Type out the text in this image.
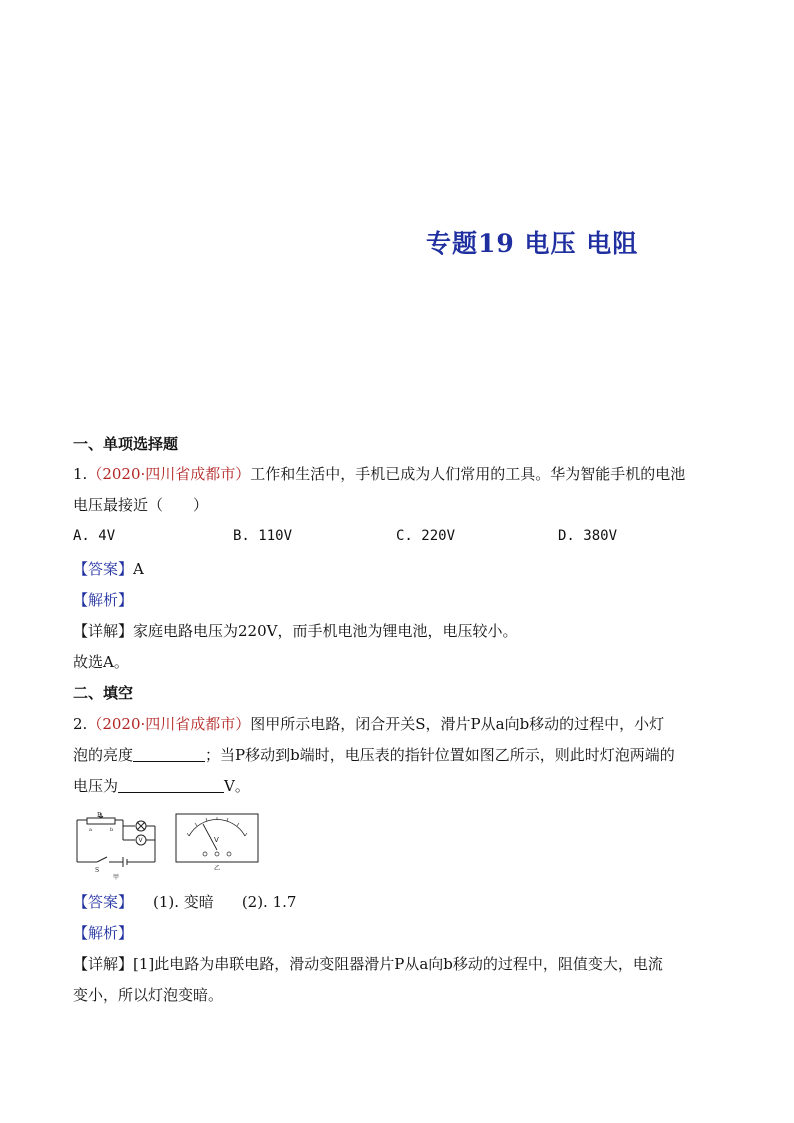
专题19 电压 电阻
一、单项选择题
1.（2020·四川省成都市）工作和生活中，手机已成为人们常用的工具。华为智能手机的电池
电压最接近（　　）
A. 4V	B. 110V	C. 220V	D. 380V
【答案】A
【解析】
【详解】家庭电路电压为220V，而手机电池为锂电池，电压较小。
故选A。
二、填空
2.（2020·四川省成都市）图甲所示电路，闭合开关S，滑片P从a向b移动的过程中，小灯
泡的亮度	；当P移动到b端时，电压表的指针位置如图乙所示，则此时灯泡两端的
电压为	V。
P
a	b
V
S
甲
V
乙
【答案】 (1). 变暗 (2). 1.7
【解析】
【详解】[1]此电路为串联电路，滑动变阻器滑片P从a向b移动的过程中，阻值变大，电流
变小，所以灯泡变暗。
